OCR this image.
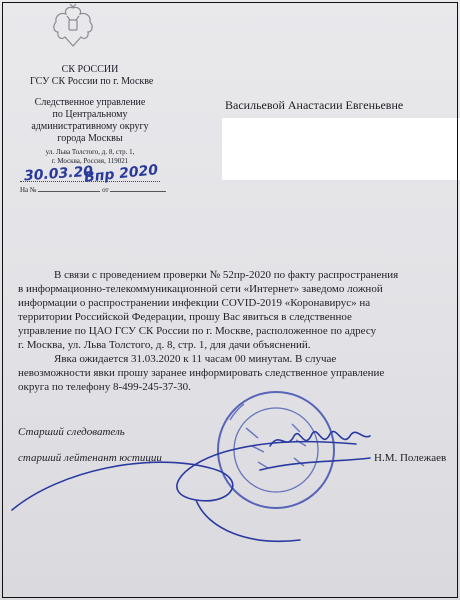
СК РОССИИ
ГСУ СК России по г. Москве
Следственное управление
по Центральному
административному округу
города Москвы
ул. Льва Толстого, д. 8, стр. 1,
г. Москва, Россия, 119021
30.03.20
Впр 2020
На №	от
Васильевой Анастасии Евгеньевне

В связи с проведением проверки № 52пр-2020 по факту распространения

в информационно-телекоммуникационной сети «Интернет» заведомо ложной

информации о распространении инфекции COVID-2019 «Коронавирус» на

территории Российской Федерации, прошу Вас явиться в следственное

управление по ЦАО ГСУ СК России по г. Москве, расположенное по адресу

г. Москва, ул. Льва Толстого, д. 8, стр. 1, для дачи объяснений.

Явка ожидается 31.03.2020 к 11 часам 00 минутам. В случае

невозможности явки прошу заранее информировать следственное управление

округа по телефону 8-499-245-37-30.

Старший следователь
старший лейтенант юстиции	Н.М. Полежаев
